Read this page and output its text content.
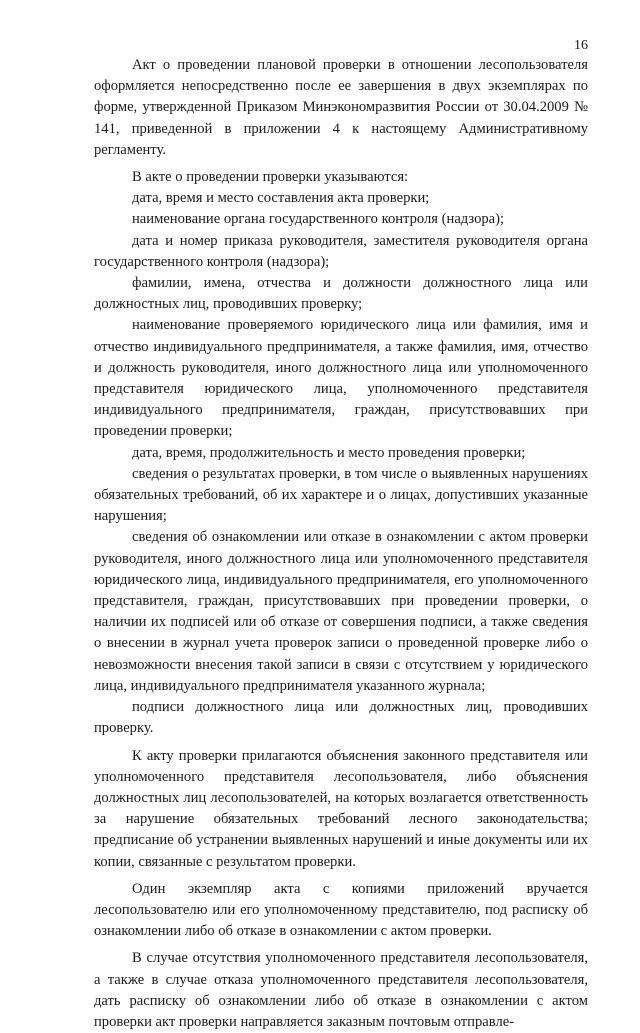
16

Акт о проведении плановой проверки в отношении лесопользователя оформляется непосредственно после ее завершения в двух экземплярах по форме, утвержденной Приказом Минэкономразвития России от 30.04.2009 № 141, приведенной в приложении 4 к настоящему Административному регламенту.

В акте о проведении проверки указываются:

дата, время и место составления акта проверки;

наименование органа государственного контроля (надзора);

дата и номер приказа руководителя, заместителя руководителя органа государственного контроля (надзора);

фамилии, имена, отчества и должности должностного лица или должностных лиц, проводивших проверку;

наименование проверяемого юридического лица или фамилия, имя и отчество индивидуального предпринимателя, а также фамилия, имя, отчество и должность руководителя, иного должностного лица или уполномоченного представителя юридического лица, уполномоченного представителя индивидуального предпринимателя, граждан, присутствовавших при проведении проверки;

дата, время, продолжительность и место проведения проверки;

сведения о результатах проверки, в том числе о выявленных нарушениях обязательных требований, об их характере и о лицах, допустивших указанные нарушения;

сведения об ознакомлении или отказе в ознакомлении с актом проверки руководителя, иного должностного лица или уполномоченного представителя юридического лица, индивидуального предпринимателя, его уполномоченного представителя, граждан, присутствовавших при проведении проверки, о наличии их подписей или об отказе от совершения подписи, а также сведения о внесении в журнал учета проверок записи о проведенной проверке либо о невозможности внесения такой записи в связи с отсутствием у юридического лица, индивидуального предпринимателя указанного журнала;

подписи должностного лица или должностных лиц, проводивших проверку.

К акту проверки прилагаются объяснения законного представителя или уполномоченного представителя лесопользователя, либо объяснения должностных лиц лесопользователей, на которых возлагается ответственность за нарушение обязательных требований лесного законодательства; предписание об устранении выявленных нарушений и иные документы или их копии, связанные с результатом проверки.

Один экземпляр акта с копиями приложений вручается лесопользователю или его уполномоченному представителю, под расписку об ознакомлении либо об отказе в ознакомлении с актом проверки.

В случае отсутствия уполномоченного представителя лесопользователя, а также в случае отказа уполномоченного представителя лесопользователя, дать расписку об ознакомлении либо об отказе в ознакомлении с актом проверки акт проверки направляется заказным почтовым отправле-
